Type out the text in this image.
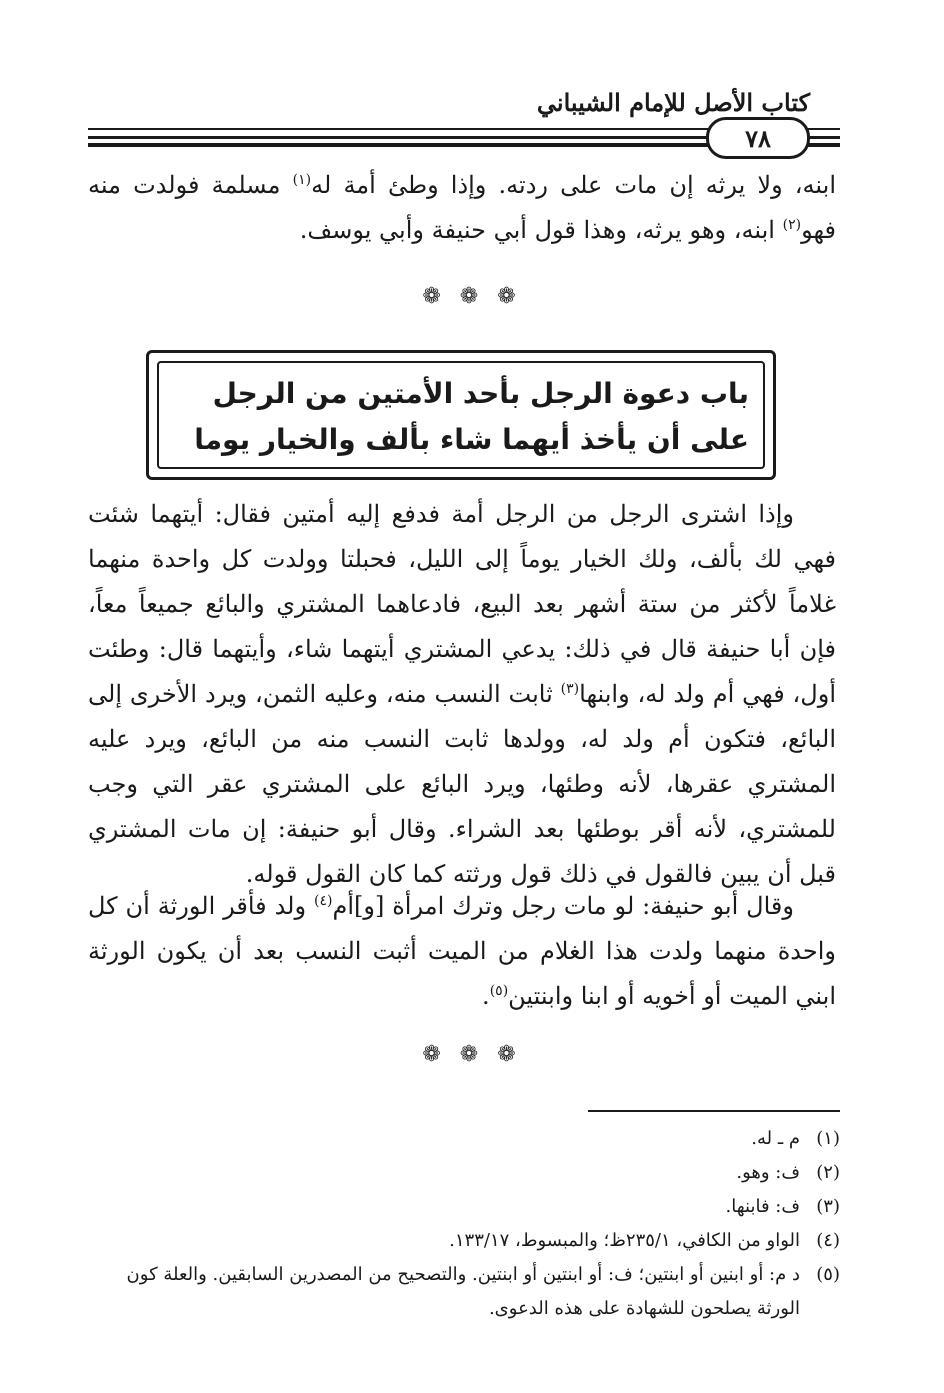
كتاب الأصل للإمام الشيباني
٧٨
ابنه، ولا يرثه إن مات على ردته. وإذا وطئ أمة له$^{(١)}$ مسلمة فولدت منه فهو$^{(٢)}$ ابنه، وهو يرثه، وهذا قول أبي حنيفة وأبي يوسف.
❁ ❁ ❁
باب دعوة الرجل بأحد الأمتين من الرجل
على أن يأخذ أيهما شاء بألف والخيار يوما
وإذا اشترى الرجل من الرجل أمة فدفع إليه أمتين فقال: أيتهما شئت فهي لك بألف، ولك الخيار يوماً إلى الليل، فحبلتا وولدت كل واحدة منهما غلاماً لأكثر من ستة أشهر بعد البيع، فادعاهما المشتري والبائع جميعاً معاً، فإن أبا حنيفة قال في ذلك: يدعي المشتري أيتهما شاء، وأيتهما قال: وطئت أول، فهي أم ولد له، وابنها$^{(٣)}$ ثابت النسب منه، وعليه الثمن، ويرد الأخرى إلى البائع، فتكون أم ولد له، وولدها ثابت النسب منه من البائع، ويرد عليه المشتري عقرها، لأنه وطئها، ويرد البائع على المشتري عقر التي وجب للمشتري، لأنه أقر بوطئها بعد الشراء. وقال أبو حنيفة: إن مات المشتري قبل أن يبين فالقول في ذلك قول ورثته كما كان القول قوله.
وقال أبو حنيفة: لو مات رجل وترك امرأة [و]أم$^{(٤)}$ ولد فأقر الورثة أن كل واحدة منهما ولدت هذا الغلام من الميت أثبت النسب بعد أن يكون الورثة ابني الميت أو أخويه أو ابنا وابنتين$^{(٥)}$.
❁ ❁ ❁
(١)
م ـ له.
(٢)
ف: وهو.
(٣)
ف: فابنها.
(٤)
الواو من الكافي، ٢٣٥/١ظ؛ والمبسوط، ١٣٣/١٧.
(٥)
د م: أو ابنين أو ابنتين؛ ف: أو ابنتين أو ابنتين. والتصحيح من المصدرين السابقين. والعلة كون الورثة يصلحون للشهادة على هذه الدعوى.
